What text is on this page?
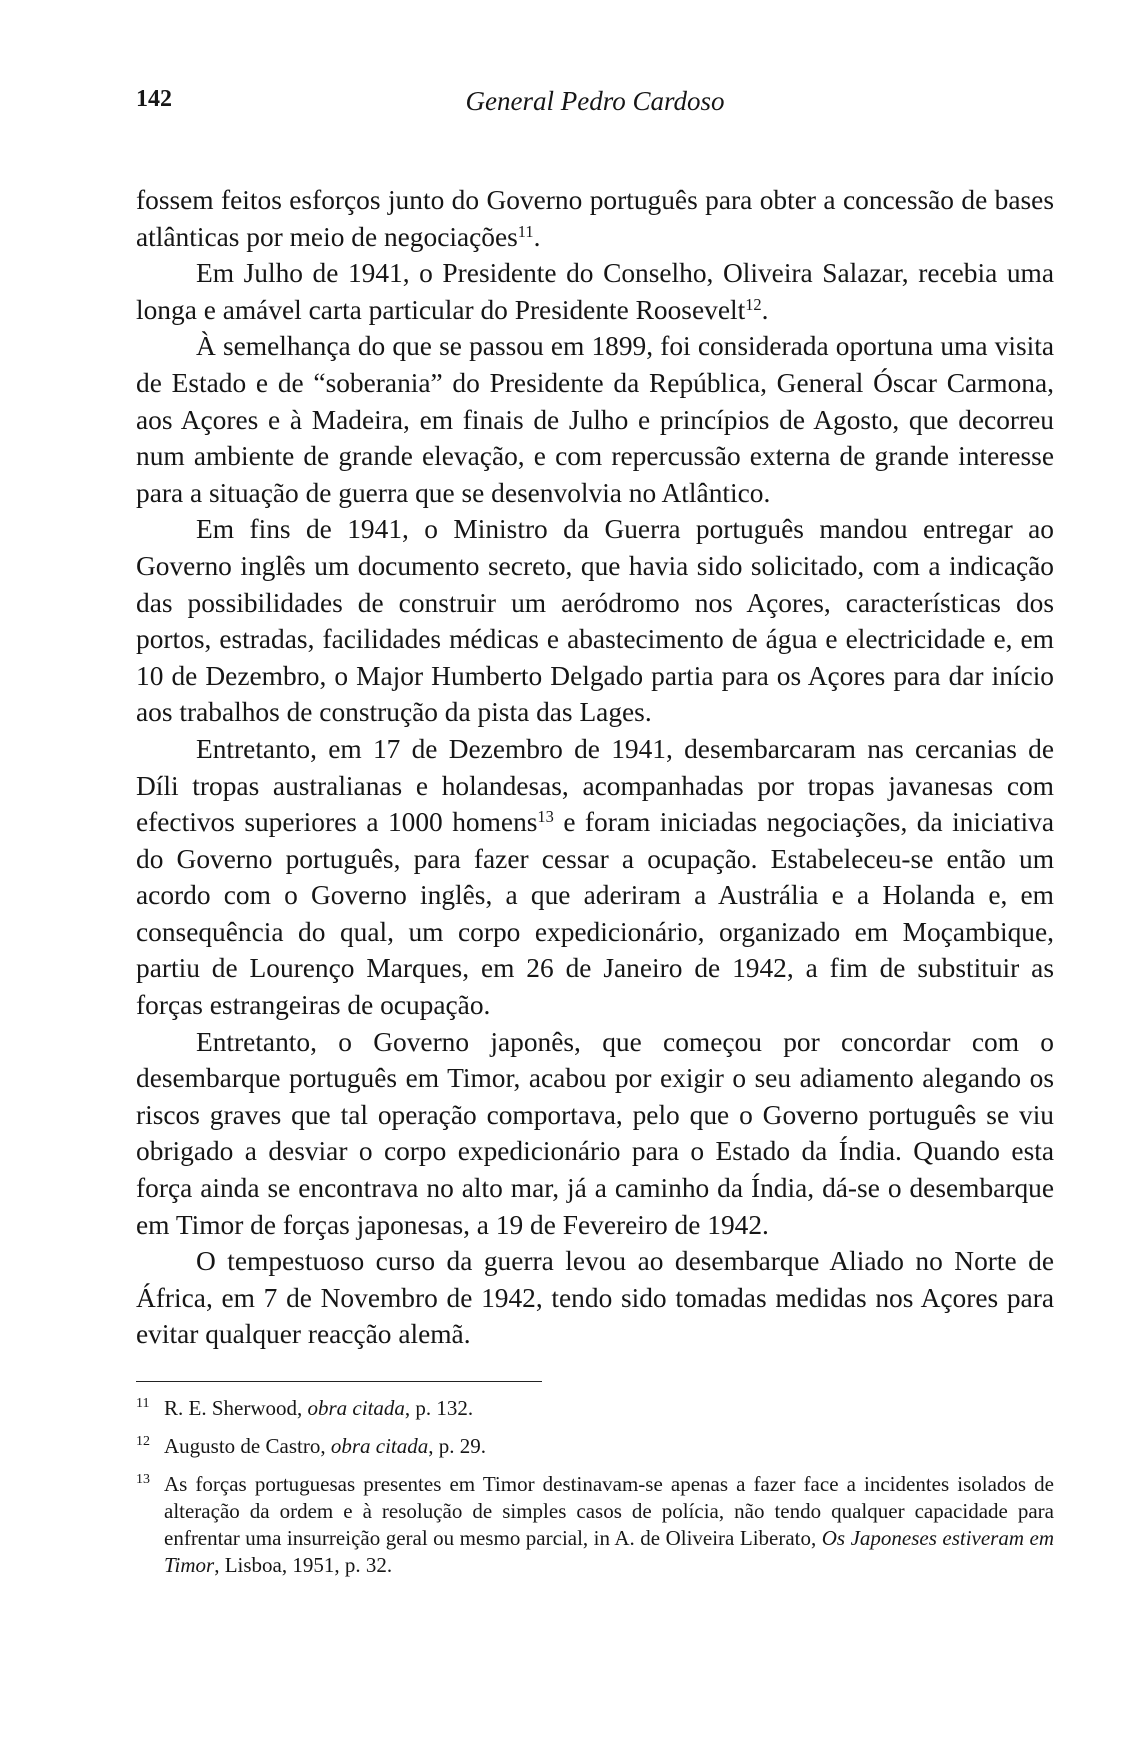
142	General Pedro Cardoso

fossem feitos esforços junto do Governo português para obter a concessão de bases atlânticas por meio de negociações$^{11}$.

Em Julho de 1941, o Presidente do Conselho, Oliveira Salazar, recebia uma longa e amável carta particular do Presidente Roosevelt$^{12}$.

À semelhança do que se passou em 1899, foi considerada oportuna uma visita de Estado e de “soberania” do Presidente da República, General Óscar Carmona, aos Açores e à Madeira, em finais de Julho e princípios de Agosto, que decorreu num ambiente de grande elevação, e com repercussão externa de grande interesse para a situação de guerra que se desenvolvia no Atlântico.

Em fins de 1941, o Ministro da Guerra português mandou entregar ao Governo inglês um documento secreto, que havia sido solicitado, com a indicação das possibilidades de construir um aeródromo nos Açores, características dos portos, estradas, facilidades médicas e abastecimento de água e electricidade e, em 10 de Dezembro, o Major Humberto Delgado partia para os Açores para dar início aos trabalhos de construção da pista das Lages.

Entretanto, em 17 de Dezembro de 1941, desembarcaram nas cercanias de Díli tropas australianas e holandesas, acompanhadas por tropas javanesas com efectivos superiores a 1000 homens$^{13}$ e foram iniciadas negociações, da iniciativa do Governo português, para fazer cessar a ocupação. Estabeleceu-se então um acordo com o Governo inglês, a que aderiram a Austrália e a Holanda e, em consequência do qual, um corpo expedicionário, organizado em Moçambique, partiu de Lourenço Marques, em 26 de Janeiro de 1942, a fim de substituir as forças estrangeiras de ocupação.

Entretanto, o Governo japonês, que começou por concordar com o desembarque português em Timor, acabou por exigir o seu adiamento alegando os riscos graves que tal operação comportava, pelo que o Governo português se viu obrigado a desviar o corpo expedicionário para o Estado da Índia. Quando esta força ainda se encontrava no alto mar, já a caminho da Índia, dá-se o desembarque em Timor de forças japonesas, a 19 de Fevereiro de 1942.

O tempestuoso curso da guerra levou ao desembarque Aliado no Norte de África, em 7 de Novembro de 1942, tendo sido tomadas medidas nos Açores para evitar qualquer reacção alemã.

11 R. E. Sherwood, obra citada, p. 132.

12 Augusto de Castro, obra citada, p. 29.

13 As forças portuguesas presentes em Timor destinavam-se apenas a fazer face a incidentes isolados de alteração da ordem e à resolução de simples casos de polícia, não tendo qualquer capacidade para enfrentar uma insurreição geral ou mesmo parcial, in A. de Oliveira Liberato, Os Japoneses estiveram em Timor, Lisboa, 1951, p. 32.
